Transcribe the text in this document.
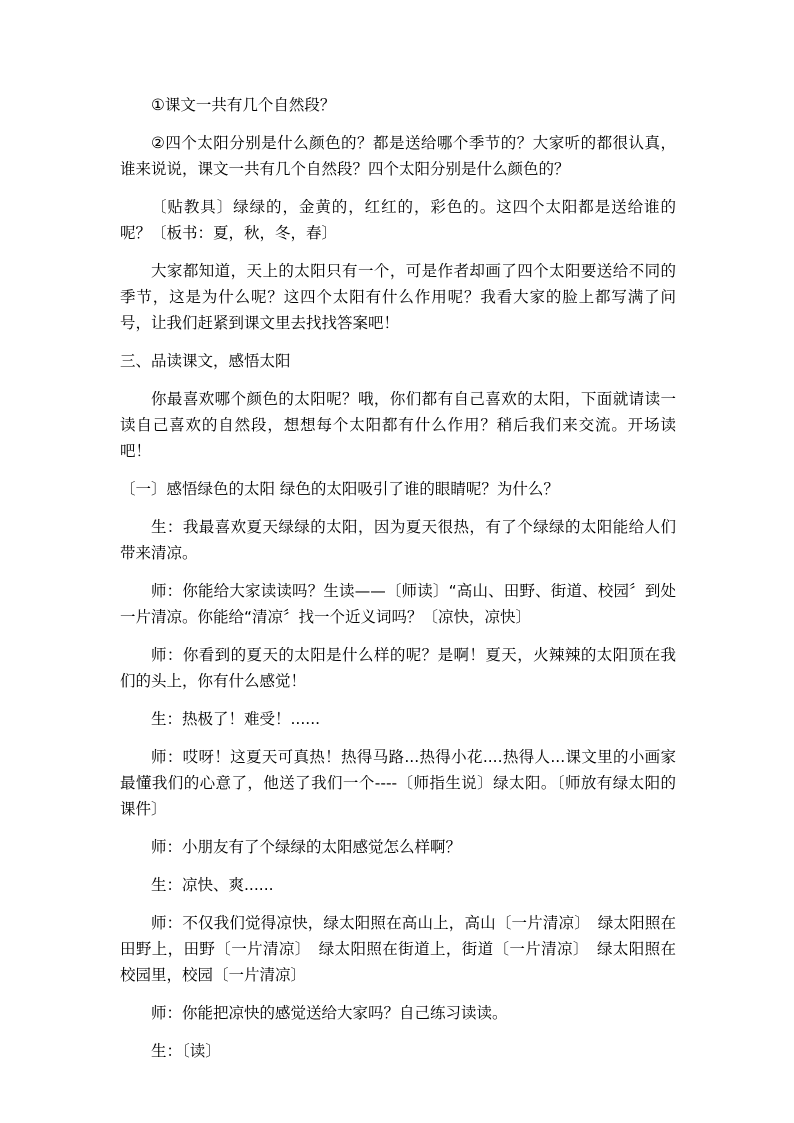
①课文一共有几个自然段？

②四个太阳分别是什么颜色的？都是送给哪个季节的？大家听的都很认真，谁来说说，课文一共有几个自然段？四个太阳分别是什么颜色的？

〔贴教具〕绿绿的，金黄的，红红的，彩色的。这四个太阳都是送给谁的呢？〔板书：夏，秋，冬，春〕

大家都知道，天上的太阳只有一个，可是作者却画了四个太阳要送给不同的季节，这是为什么呢？这四个太阳有什么作用呢？我看大家的脸上都写满了问号，让我们赶紧到课文里去找找答案吧！

三、品读课文，感悟太阳

你最喜欢哪个颜色的太阳呢？哦，你们都有自己喜欢的太阳，下面就请读一读自己喜欢的自然段，想想每个太阳都有什么作用？稍后我们来交流。开场读吧！

〔一〕感悟绿色的太阳 绿色的太阳吸引了谁的眼睛呢？为什么？

生：我最喜欢夏天绿绿的太阳，因为夏天很热，有了个绿绿的太阳能给人们带来清凉。

师：你能给大家读读吗？生读——〔师读〕“高山、田野、街道、校园〞到处一片清凉。你能给“清凉〞找一个近义词吗？〔凉快，凉快〕

师：你看到的夏天的太阳是什么样的呢？是啊！夏天，火辣辣的太阳顶在我们的头上，你有什么感觉！

生：热极了！难受！......

师：哎呀！这夏天可真热！热得马路...热得小花....热得人...课文里的小画家最懂我们的心意了，他送了我们一个----〔师指生说〕绿太阳。〔师放有绿太阳的课件〕

师：小朋友有了个绿绿的太阳感觉怎么样啊？

生：凉快、爽......

师：不仅我们觉得凉快，绿太阳照在高山上，高山〔一片清凉〕　绿太阳照在田野上，田野〔一片清凉〕　绿太阳照在街道上，街道〔一片清凉〕　绿太阳照在校园里，校园〔一片清凉〕

师：你能把凉快的感觉送给大家吗？自己练习读读。

生：〔读〕
